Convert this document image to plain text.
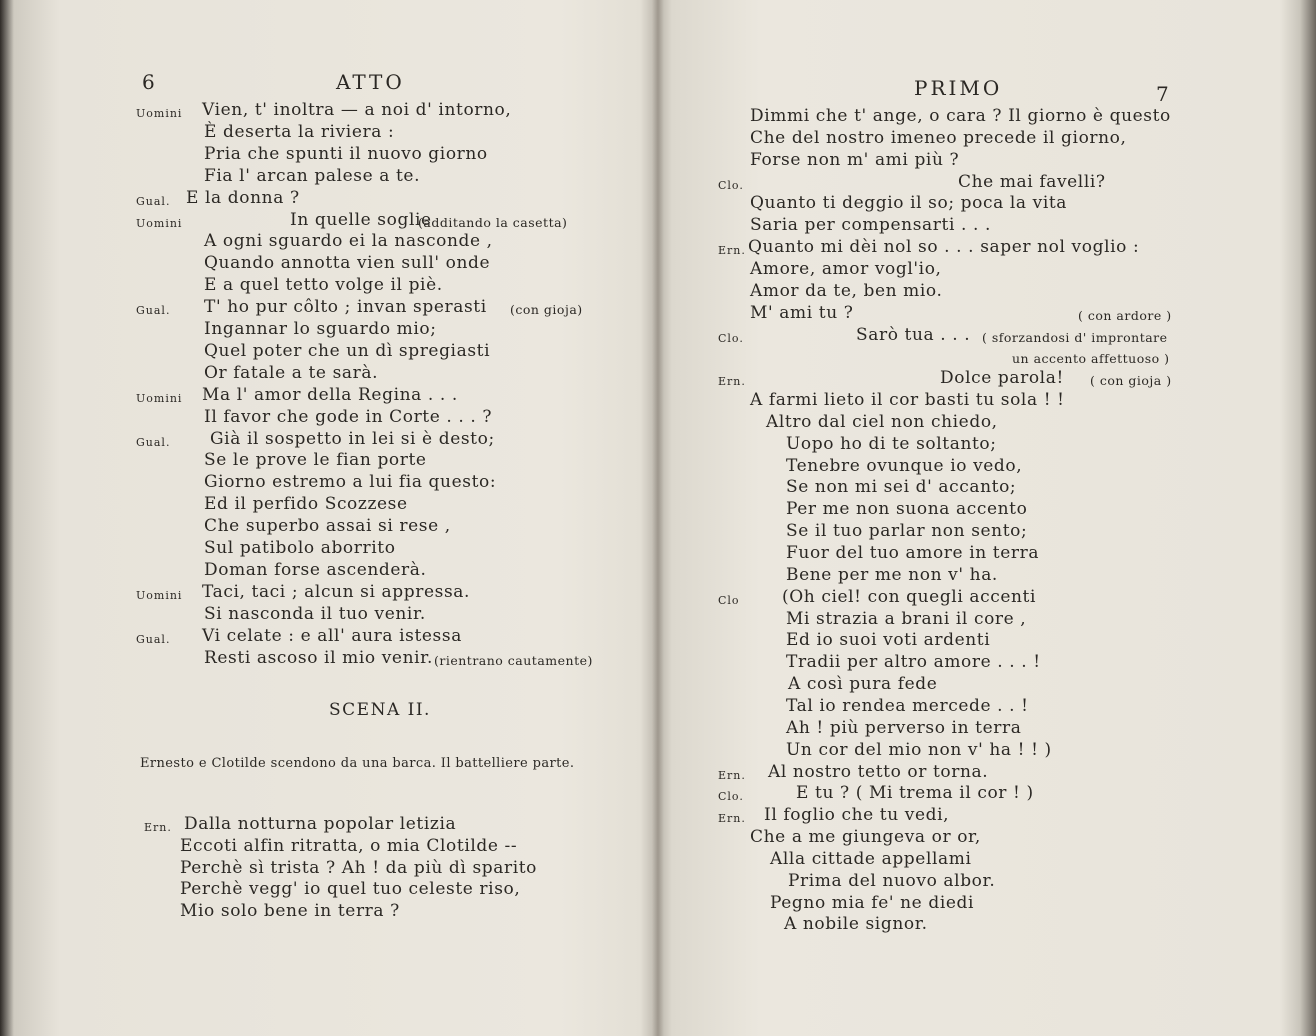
6	ATTO
Uomini Vien, t' inoltra — a noi d' intorno,
È deserta la riviera :
Pria che spunti il nuovo giorno
Fia l' arcan palese a te.
Gual. E la donna ?
Uomini	In quelle soglie
(additando la casetta)
A ogni sguardo ei la nasconde ,
Quando annotta vien sull' onde
E a quel tetto volge il piè.
Gual. T' ho pur côlto ; invan sperasti (con gioja)
Ingannar lo sguardo mio;
Quel poter che un dì spregiasti
Or fatale a te sarà.
Uomini Ma l' amor della Regina . . .
Il favor che gode in Corte . . . ?
Gual. Già il sospetto in lei si è desto;
Se le prove le fian porte
Giorno estremo a lui fia questo:
Ed il perfido Scozzese
Che superbo assai si rese ,
Sul patibolo aborrito
Doman forse ascenderà.
Uomini Taci, taci ; alcun si appressa.
Si nasconda il tuo venir.
Gual. Vi celate : e all' aura istessa
Resti ascoso il mio venir. (rientrano cautamente)
SCENA II.
Ernesto e Clotilde scendono da una barca. Il battelliere parte.
Ern. Dalla notturna popolar letizia
Eccoti alfin ritratta, o mia Clotilde --
Perchè sì trista ? Ah ! da più dì sparito
Perchè vegg' io quel tuo celeste riso,
Mio solo bene in terra ?
PRIMO	7
Dimmi che t' ange, o cara ? Il giorno è questo
Che del nostro imeneo precede il giorno,
Forse non m' ami più ?
Clo.	Che mai favelli?
Quanto ti deggio il so; poca la vita
Saria per compensarti . . .
Ern. Quanto mi dèi nol so . . . saper nol voglio :
Amore, amor vogl'io,
Amor da te, ben mio.
M' ami tu ?	( con ardore )
Clo.	Sarò tua . . . ( sforzandosi d' improntare
un accento affettuoso )
Ern.	Dolce parola! ( con gioja )
A farmi lieto il cor basti tu sola ! !
Altro dal ciel non chiedo,
Uopo ho di te soltanto;
Tenebre ovunque io vedo,
Se non mi sei d' accanto;
Per me non suona accento
Se il tuo parlar non sento;
Fuor del tuo amore in terra
Bene per me non v' ha.
Clo (Oh ciel! con quegli accenti
Mi strazia a brani il core ,
Ed io suoi voti ardenti
Tradii per altro amore . . . !
A così pura fede
Tal io rendea mercede . . !
Ah ! più perverso in terra
Un cor del mio non v' ha ! ! )
Ern. Al nostro tetto or torna.
Clo.	E tu ? ( Mi trema il cor ! )
Ern. Il foglio che tu vedi,
Che a me giungeva or or,
Alla cittade appellami
Prima del nuovo albor.
Pegno mia fe' ne diedi
A nobile signor.
